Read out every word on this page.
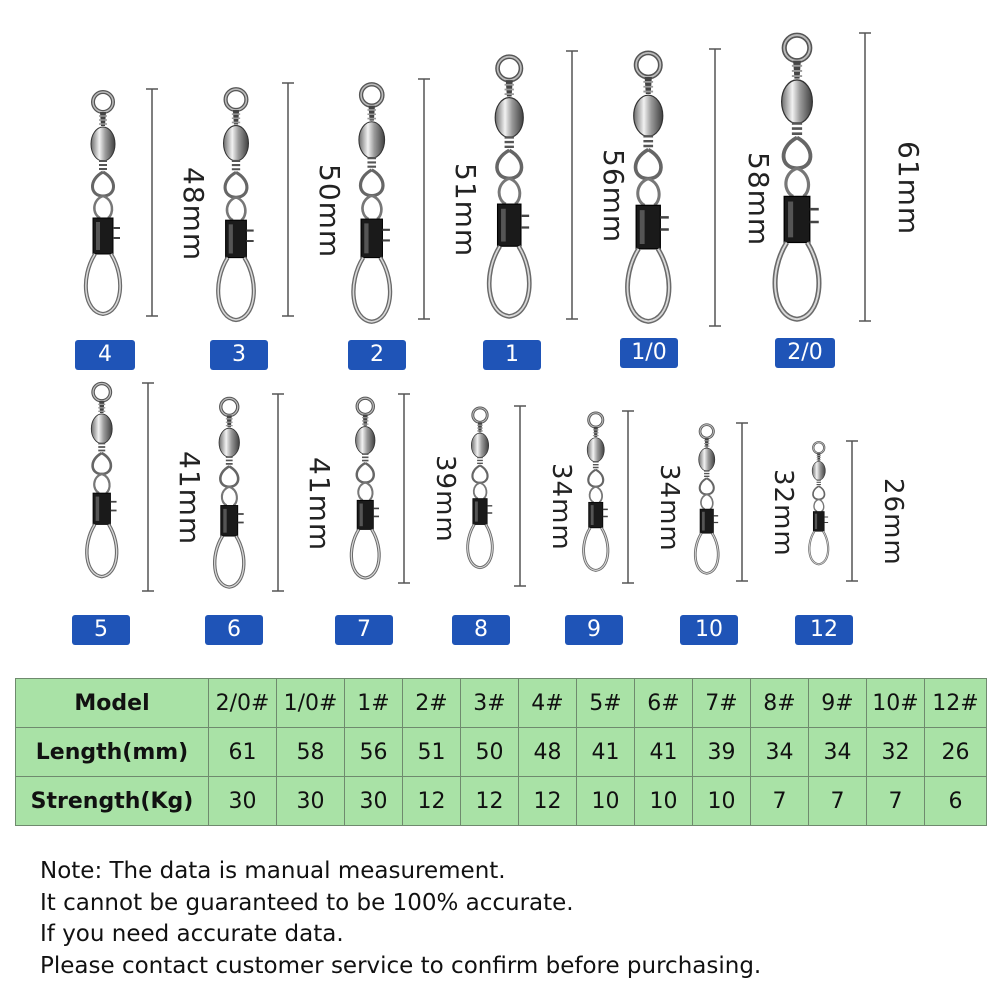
48mm
4
50mm
3
51mm
2
56mm
1
58mm
1/0
61mm
2/0
41mm
5
41mm
6
39mm
7
34mm
8
34mm
9
32mm
10
26mm
12
Model	2/0#	1/0#	1#	2#	3#	4#	5#	6#	7#	8#	9#	10#	12#
Length(mm)	61	58	56	51	50	48	41	41	39	34	34	32	26
Strength(Kg)	30	30	30	12	12	12	10	10	10	7	7	7	6
Note: The data is manual measurement.
It cannot be guaranteed to be 100% accurate.
If you need accurate data.
Please contact customer service to confirm before purchasing.
